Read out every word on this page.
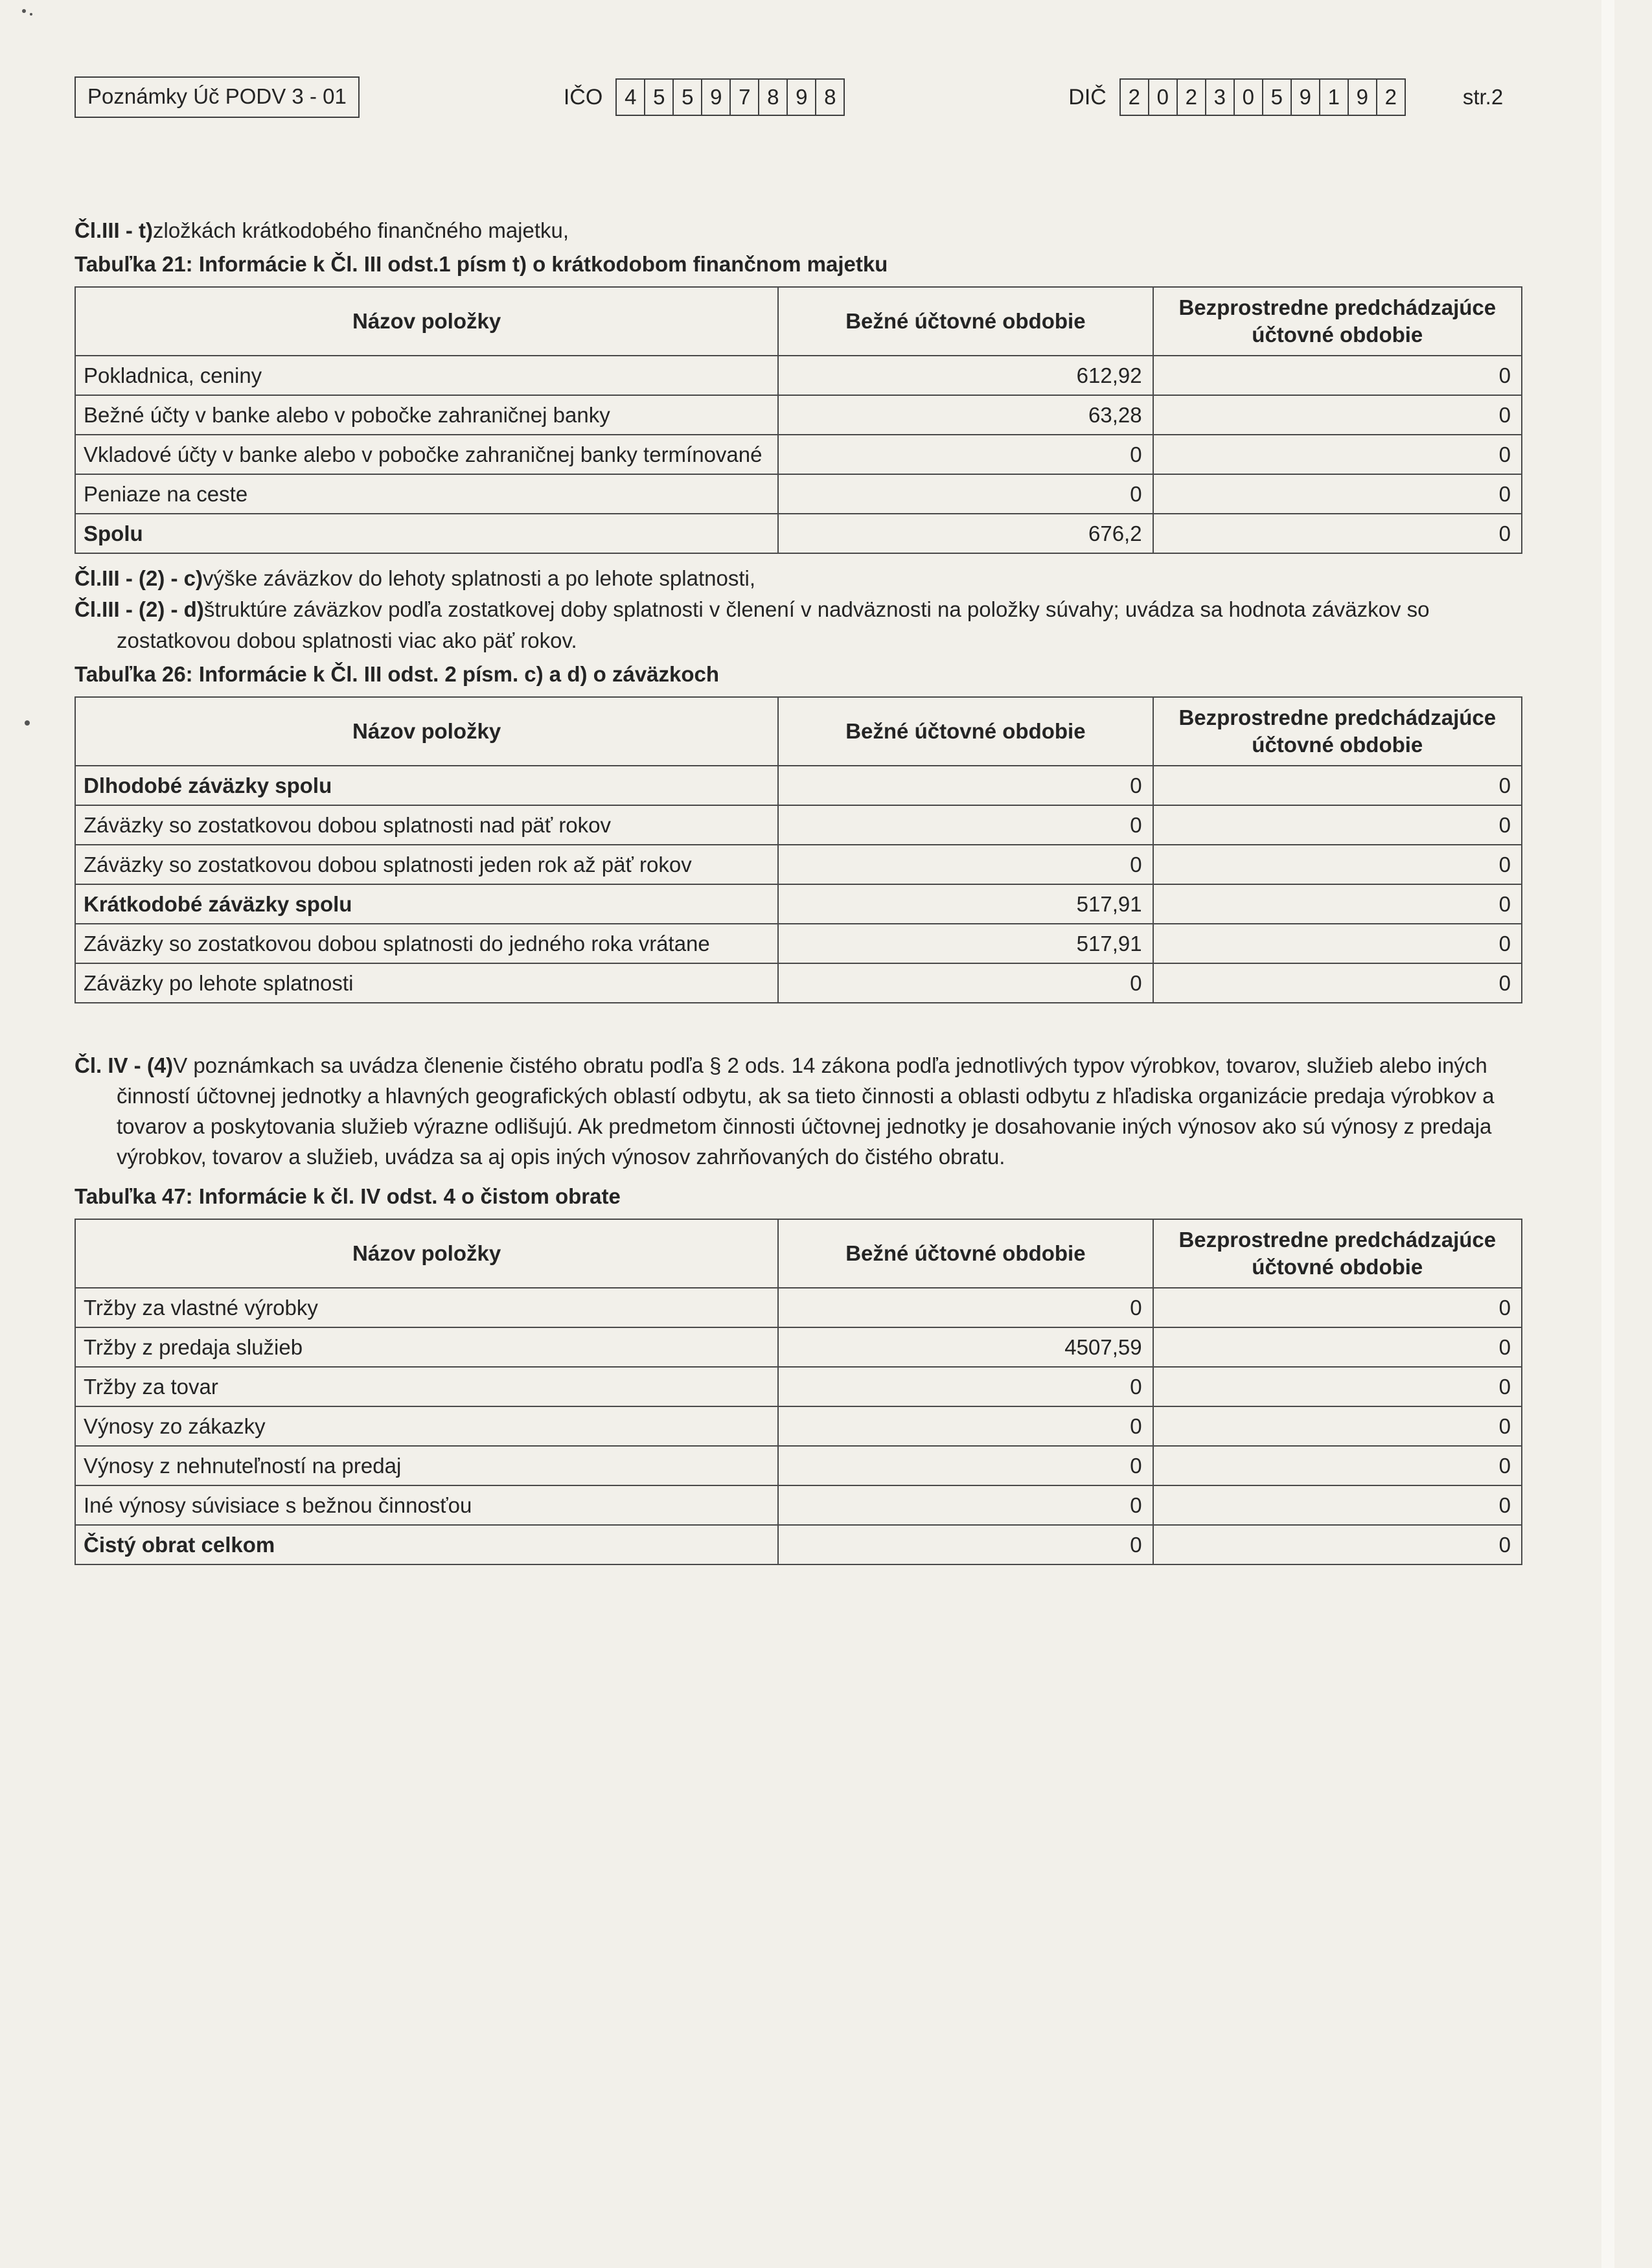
Poznámky Úč PODV 3 - 01	IČO	4 5 5 9 7 8 9 8	DIČ	2 0 2 3 0 5 9 1 9 2	str.2

Čl.III - t)zložkách krátkodobého finančného majetku,

Tabuľka 21: Informácie k Čl. III odst.1 písm t) o krátkodobom finančnom majetku

Názov položky	Bežné účtovné obdobie	Bezprostredne predchádzajúce účtovné obdobie
Pokladnica, ceniny	612,92	0
Bežné účty v banke alebo v pobočke zahraničnej banky	63,28	0
Vkladové účty v banke alebo v pobočke zahraničnej banky termínované	0	0
Peniaze na ceste	0	0
Spolu	676,2	0

Čl.III - (2) - c)výške záväzkov do lehoty splatnosti a po lehote splatnosti,

Čl.III - (2) - d)štruktúre záväzkov podľa zostatkovej doby splatnosti v členení v nadväznosti na položky súvahy; uvádza sa hodnota záväzkov so zostatkovou dobou splatnosti viac ako päť rokov.

Tabuľka 26: Informácie k Čl. III odst. 2 písm. c) a d) o záväzkoch

Názov položky	Bežné účtovné obdobie	Bezprostredne predchádzajúce účtovné obdobie
Dlhodobé záväzky spolu	0	0
Záväzky so zostatkovou dobou splatnosti nad päť rokov	0	0
Záväzky so zostatkovou dobou splatnosti jeden rok až päť rokov	0	0
Krátkodobé záväzky spolu	517,91	0
Záväzky so zostatkovou dobou splatnosti do jedného roka vrátane	517,91	0
Záväzky po lehote splatnosti	0	0

Čl. IV - (4)V poznámkach sa uvádza členenie čistého obratu podľa § 2 ods. 14 zákona podľa jednotlivých typov výrobkov, tovarov, služieb alebo iných činností účtovnej jednotky a hlavných geografických oblastí odbytu, ak sa tieto činnosti a oblasti odbytu z hľadiska organizácie predaja výrobkov a tovarov a poskytovania služieb výrazne odlišujú. Ak predmetom činnosti účtovnej jednotky je dosahovanie iných výnosov ako sú výnosy z predaja výrobkov, tovarov a služieb, uvádza sa aj opis iných výnosov zahrňovaných do čistého obratu.

Tabuľka 47: Informácie k čl. IV odst. 4 o čistom obrate

Názov položky	Bežné účtovné obdobie	Bezprostredne predchádzajúce účtovné obdobie
Tržby za vlastné výrobky	0	0
Tržby z predaja služieb	4507,59	0
Tržby za tovar	0	0
Výnosy zo zákazky	0	0
Výnosy z nehnuteľností na predaj	0	0
Iné výnosy súvisiace s bežnou činnosťou	0	0
Čistý obrat celkom	0	0
